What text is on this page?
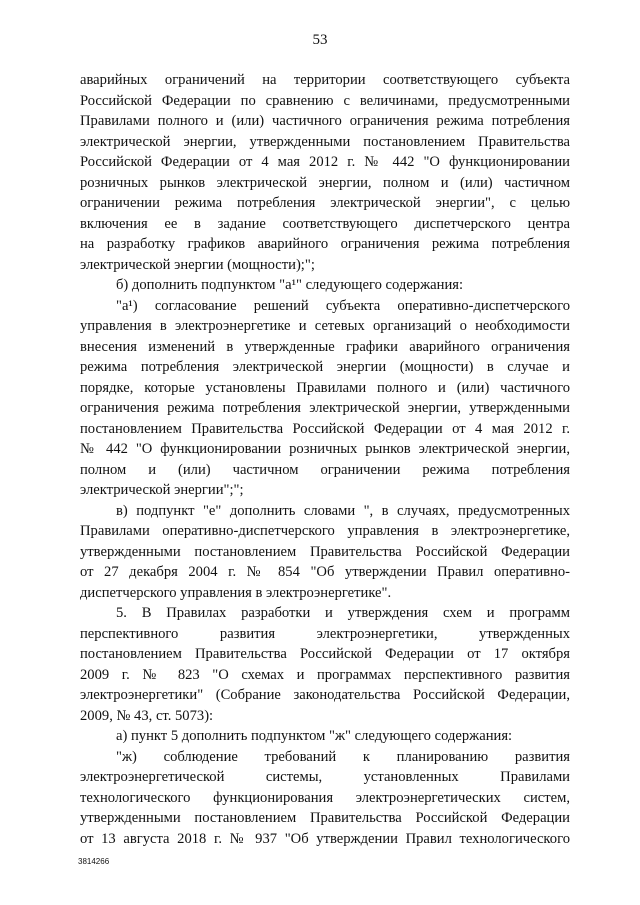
53

аварийных ограничений на территории соответствующего субъекта

Российской Федерации по сравнению с величинами, предусмотренными

Правилами полного и (или) частичного ограничения режима потребления

электрической энергии, утвержденными постановлением Правительства

Российской Федерации от 4 мая 2012 г. № 442 "О функционировании

розничных рынков электрической энергии, полном и (или) частичном

ограничении режима потребления электрической энергии", с целью

включения ее в задание соответствующего диспетчерского центра

на разработку графиков аварийного ограничения режима потребления

электрической энергии (мощности);";

б) дополнить подпунктом "а¹" следующего содержания:

"а¹) согласование решений субъекта оперативно-диспетчерского

управления в электроэнергетике и сетевых организаций о необходимости

внесения изменений в утвержденные графики аварийного ограничения

режима потребления электрической энергии (мощности) в случае и

порядке, которые установлены Правилами полного и (или) частичного

ограничения режима потребления электрической энергии, утвержденными

постановлением Правительства Российской Федерации от 4 мая 2012 г.

№ 442 "О функционировании розничных рынков электрической энергии,

полном и (или) частичном ограничении режима потребления

электрической энергии";";

в) подпункт "е" дополнить словами ", в случаях, предусмотренных

Правилами оперативно-диспетчерского управления в электроэнергетике,

утвержденными постановлением Правительства Российской Федерации

от 27 декабря 2004 г. № 854 "Об утверждении Правил оперативно-

диспетчерского управления в электроэнергетике".

5. В Правилах разработки и утверждения схем и программ

перспективного развития электроэнергетики, утвержденных

постановлением Правительства Российской Федерации от 17 октября

2009 г. № 823 "О схемах и программах перспективного развития

электроэнергетики" (Собрание законодательства Российской Федерации,

2009, № 43, ст. 5073):

а) пункт 5 дополнить подпунктом "ж" следующего содержания:

"ж) соблюдение требований к планированию развития

электроэнергетической системы, установленных Правилами

технологического функционирования электроэнергетических систем,

утвержденными постановлением Правительства Российской Федерации

от 13 августа 2018 г. № 937 "Об утверждении Правил технологического

3814266
